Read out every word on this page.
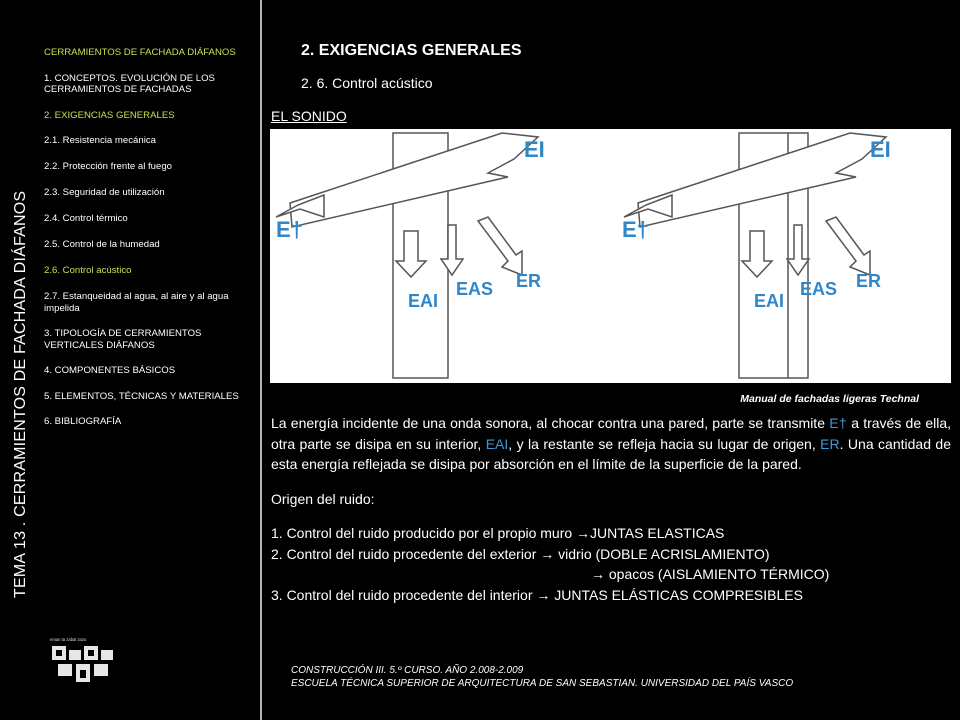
TEMA 13 . CERRAMIENTOS DE FACHADA DIÁFANOS
CERRAMIENTOS DE FACHADA DIÁFANOS
1. CONCEPTOS. EVOLUCIÓN DE LOS CERRAMIENTOS DE FACHADAS
2. EXIGENCIAS GENERALES
2.1. Resistencia mecánica
2.2. Protección frente al fuego
2.3. Seguridad de utilización
2.4. Control térmico
2.5. Control de la humedad
2.6. Control acústico
2.7. Estanqueidad al agua, al aire y al agua impelida
3. TIPOLOGÍA DE CERRAMIENTOS VERTICALES DIÁFANOS
4. COMPONENTES BÁSICOS
5. ELEMENTOS, TÉCNICAS Y MATERIALES
6. BIBLIOGRAFÍA
eman ta zabal zazu
2. EXIGENCIAS GENERALES
2. 6. Control acústico
EL SONIDO
EI
E†
EAI
EAS ER
EI
E†
EAI
EAS ER
Manual de fachadas ligeras Technal

La energía incidente de una onda sonora, al chocar contra una pared, parte se transmite E† a través de ella, otra parte se disipa en su interior, EAI, y la restante se refleja hacia su lugar de origen, ER. Una cantidad de esta energía reflejada se disipa por absorción en el límite de la superficie de la pared.

Origen del ruido:
1. Control del ruido producido por el propio muro →JUNTAS ELASTICAS
2. Control del ruido procedente del exterior → vidrio (DOBLE ACRISLAMIENTO)
→ opacos (AISLAMIENTO TÉRMICO)
3. Control del ruido procedente del interior → JUNTAS ELÁSTICAS COMPRESIBLES
CONSTRUCCIÓN III. 5.º CURSO. AÑO 2.008-2.009
ESCUELA TÉCNICA SUPERIOR DE ARQUITECTURA DE SAN SEBASTIAN. UNIVERSIDAD DEL PAÍS VASCO
